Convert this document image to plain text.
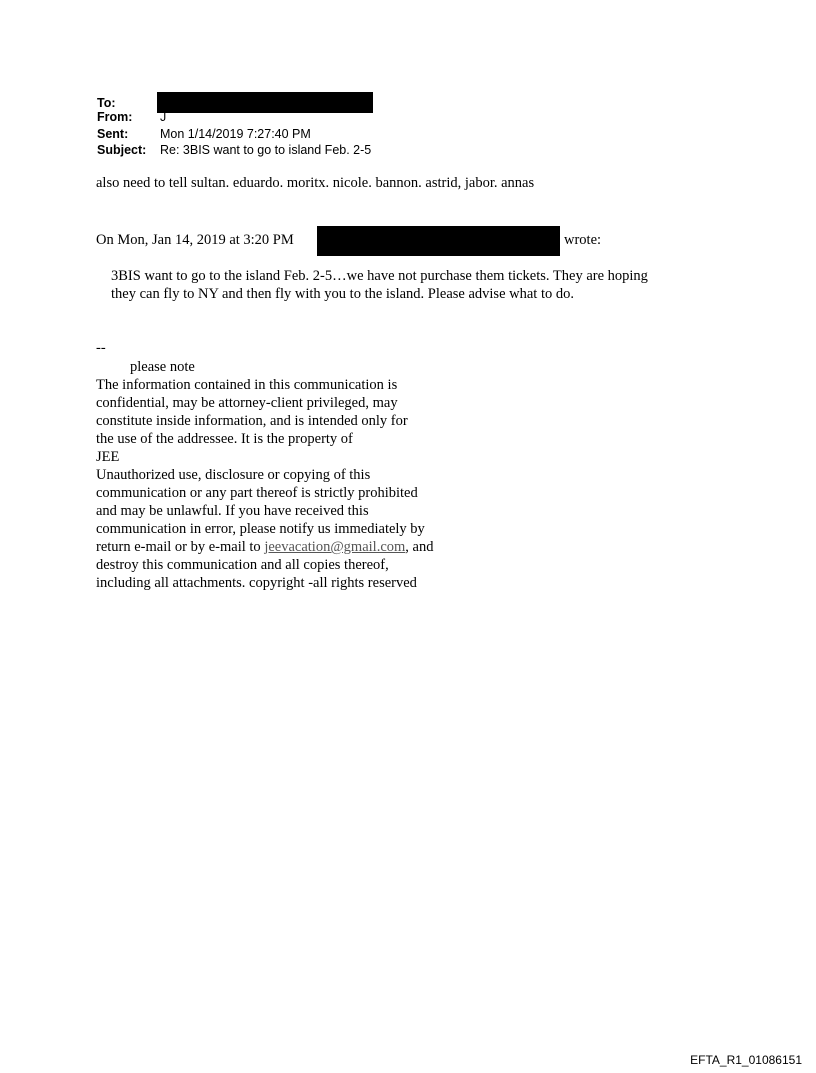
To:
From: J
Sent:	Mon 1/14/2019 7:27:40 PM
Subject: Re: 3BIS want to go to island Feb. 2-5
also need to tell sultan. eduardo. moritx. nicole. bannon. astrid, jabor. annas
On Mon, Jan 14, 2019 at 3:20 PM	wrote:
3BIS want to go to the island Feb. 2-5…we have not purchase them tickets. They are hoping
they can fly to NY and then fly with you to the island. Please advise what to do.
--
please note
The information contained in this communication is
confidential, may be attorney-client privileged, may
constitute inside information, and is intended only for
the use of the addressee. It is the property of
JEE
Unauthorized use, disclosure or copying of this
communication or any part thereof is strictly prohibited
and may be unlawful. If you have received this
communication in error, please notify us immediately by
return e-mail or by e-mail to jeevacation@gmail.com, and
destroy this communication and all copies thereof,
including all attachments. copyright -all rights reserved
EFTA_R1_01086151
